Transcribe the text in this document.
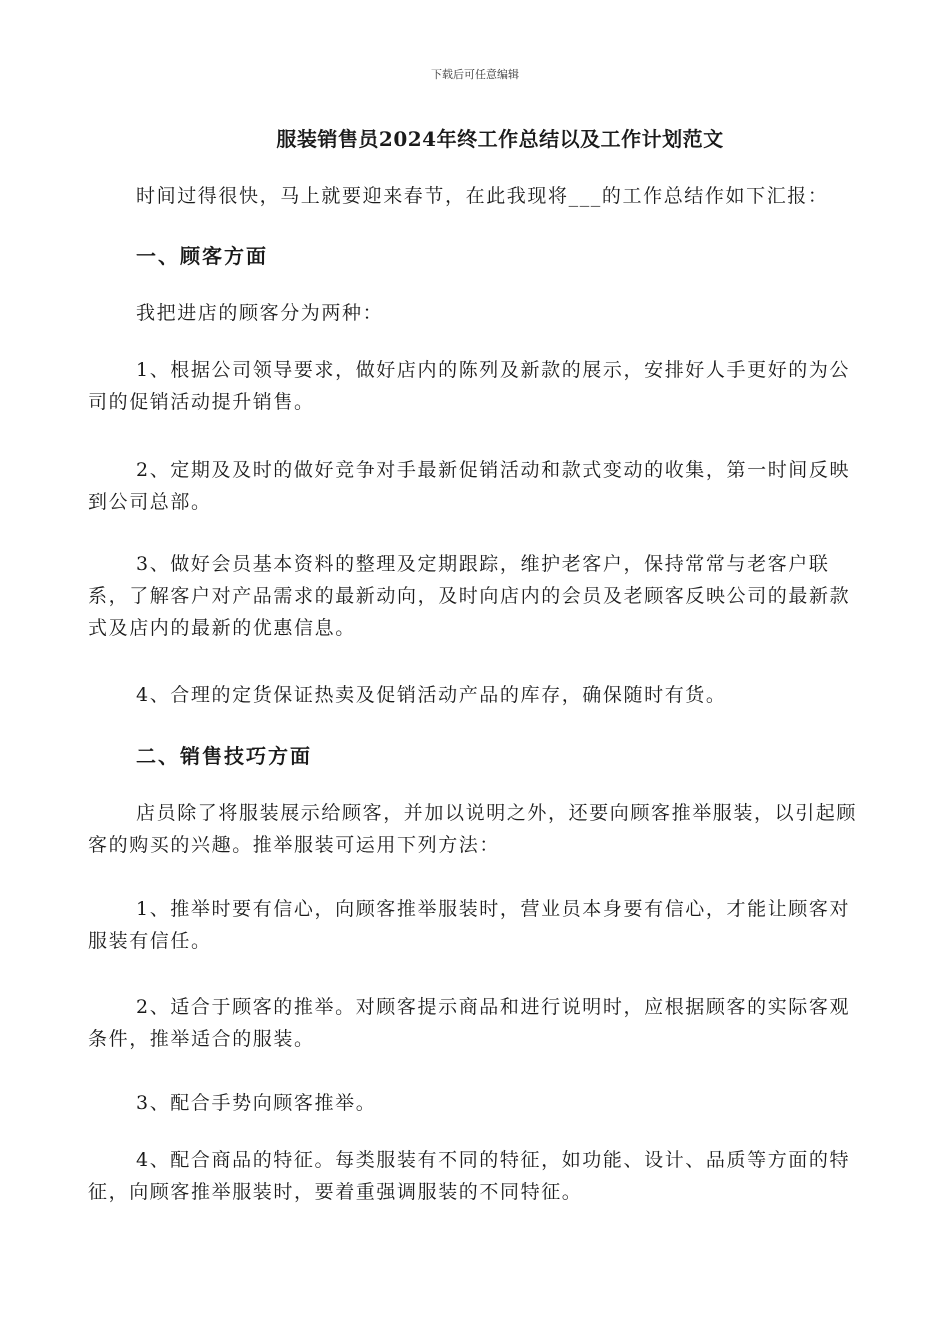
下载后可任意编辑
服装销售员2024年终工作总结以及工作计划范文

时间过得很快，马上就要迎来春节，在此我现将___的工作总结作如下汇报：

一、顾客方面

我把进店的顾客分为两种：

1、根据公司领导要求，做好店内的陈列及新款的展示，安排好人手更好的为公司的促销活动提升销售。

2、定期及及时的做好竞争对手最新促销活动和款式变动的收集，第一时间反映到公司总部。

3、做好会员基本资料的整理及定期跟踪，维护老客户，保持常常与老客户联系，了解客户对产品需求的最新动向，及时向店内的会员及老顾客反映公司的最新款式及店内的最新的优惠信息。

4、合理的定货保证热卖及促销活动产品的库存，确保随时有货。

二、销售技巧方面

店员除了将服装展示给顾客，并加以说明之外，还要向顾客推举服装，以引起顾客的购买的兴趣。推举服装可运用下列方法：

1、推举时要有信心，向顾客推举服装时，营业员本身要有信心，才能让顾客对服装有信任。

2、适合于顾客的推举。对顾客提示商品和进行说明时，应根据顾客的实际客观条件，推举适合的服装。

3、配合手势向顾客推举。

4、配合商品的特征。每类服装有不同的特征，如功能、设计、品质等方面的特征，向顾客推举服装时，要着重强调服装的不同特征。
